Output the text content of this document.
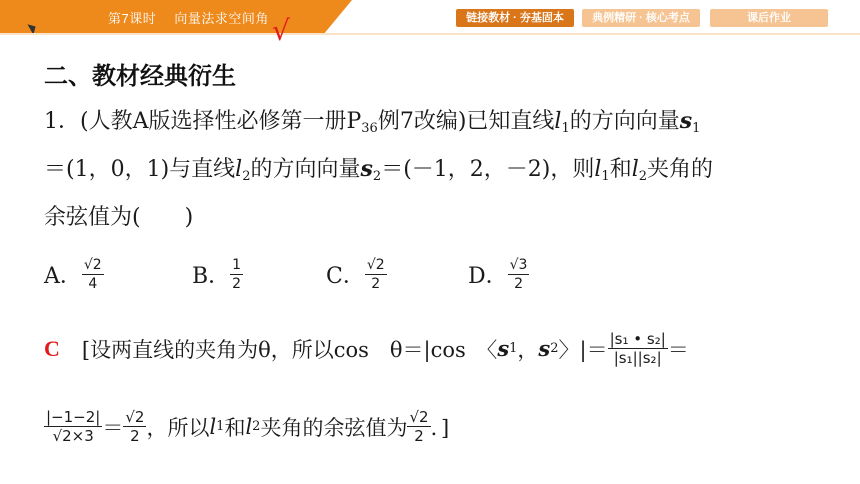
第7课时 向量法求空间角	链接教材 · 夯基固本	典例精研 · 核心考点	课后作业
二、教材经典衍生
1．(人教A版选择性必修第一册$P_{36}$例7改编)已知直线$l_1$的方向向量$s_1$
＝(1，0，1)与直线$l_2$的方向向量$s_2=(-1$，2，－2)，则$l_1$和$l_2$夹角的
余弦值为(　　)
A． $\frac{√2}{4}$	B． $\frac{1}{2}$	C． $\frac{√2}{2}$	D． $\frac{√3}{2}$
√
C [设两直线的夹角为θ，所以cos　θ＝|cos　〈 s 1 ， s 2 〉|＝ $\frac{\text{|s₁ • s₂|}}{\text{|s₁||s₂|}}$ ＝
$\frac{|-1-2|}{√2\times 3} = \frac{√2}{2}$ ，所以 l 1 和 l 2 夹角的余弦值为 $\frac{√2}{2}$ ．]
